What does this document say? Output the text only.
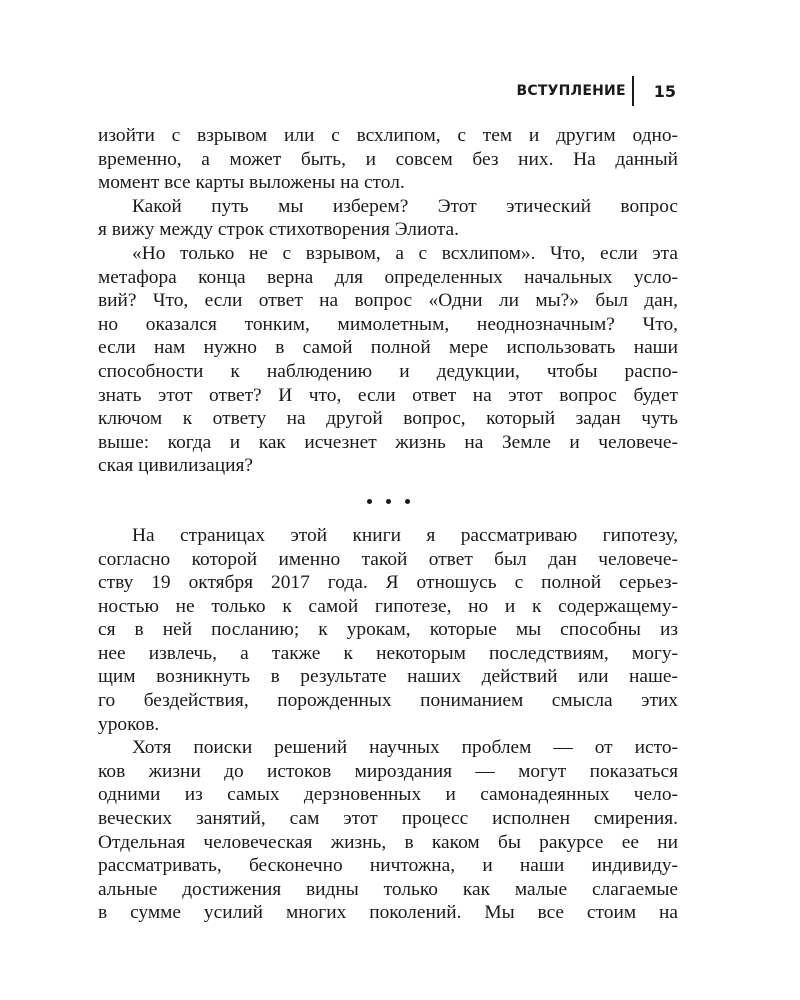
ВСТУПЛЕНИЕ 15
изойти с взрывом или с всхлипом, с тем и другим одно-
временно, а может быть, и совсем без них. На данный
момент все карты выложены на стол.
Какой путь мы изберем? Этот этический вопрос
я вижу между строк стихотворения Элиота.
«Но только не с взрывом, а с всхлипом». Что, если эта
метафора конца верна для определенных начальных усло-
вий? Что, если ответ на вопрос «Одни ли мы?» был дан,
но оказался тонким, мимолетным, неоднозначным? Что,
если нам нужно в самой полной мере использовать наши
способности к наблюдению и дедукции, чтобы распо-
знать этот ответ? И что, если ответ на этот вопрос будет
ключом к ответу на другой вопрос, который задан чуть
выше: когда и как исчезнет жизнь на Земле и человече-
ская цивилизация?
На страницах этой книги я рассматриваю гипотезу,
согласно которой именно такой ответ был дан человече-
ству 19 октября 2017 года. Я отношусь с полной серьез-
ностью не только к самой гипотезе, но и к содержащему-
ся в ней посланию; к урокам, которые мы способны из
нее извлечь, а также к некоторым последствиям, могу-
щим возникнуть в результате наших действий или наше-
го бездействия, порожденных пониманием смысла этих
уроков.
Хотя поиски решений научных проблем — от исто-
ков жизни до истоков мироздания — могут показаться
одними из самых дерзновенных и самонадеянных чело-
веческих занятий, сам этот процесс исполнен смирения.
Отдельная человеческая жизнь, в каком бы ракурсе ее ни
рассматривать, бесконечно ничтожна, и наши индивиду-
альные достижения видны только как малые слагаемые
в сумме усилий многих поколений. Мы все стоим на
